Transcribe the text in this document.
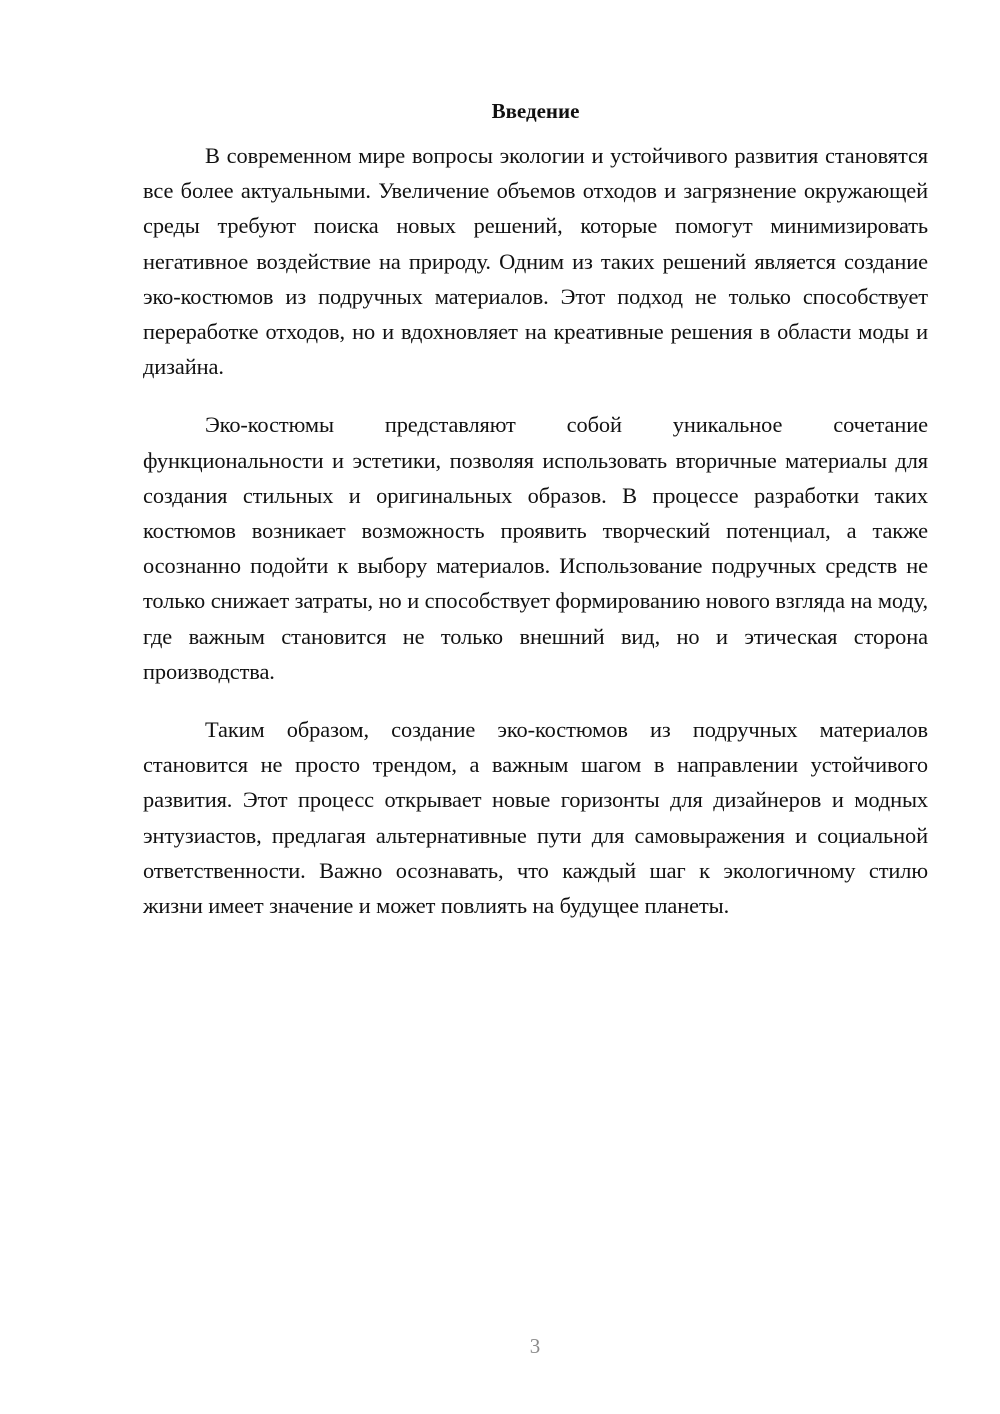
Введение

В современном мире вопросы экологии и устойчивого развития становятся все более актуальными. Увеличение объемов отходов и загрязнение окружающей среды требуют поиска новых решений, которые помогут минимизировать негативное воздействие на природу. Одним из таких решений является создание эко-костюмов из подручных материалов. Этот подход не только способствует переработке отходов, но и вдохновляет на креативные решения в области моды и дизайна.

Эко-костюмы представляют собой уникальное сочетание функциональности и эстетики, позволяя использовать вторичные материалы для создания стильных и оригинальных образов. В процессе разработки таких костюмов возникает возможность проявить творческий потенциал, а также осознанно подойти к выбору материалов. Использование подручных средств не только снижает затраты, но и способствует формированию нового взгляда на моду, где важным становится не только внешний вид, но и этическая сторона производства.

Таким образом, создание эко-костюмов из подручных материалов становится не просто трендом, а важным шагом в направлении устойчивого развития. Этот процесс открывает новые горизонты для дизайнеров и модных энтузиастов, предлагая альтернативные пути для самовыражения и социальной ответственности. Важно осознавать, что каждый шаг к экологичному стилю жизни имеет значение и может повлиять на будущее планеты.

3
